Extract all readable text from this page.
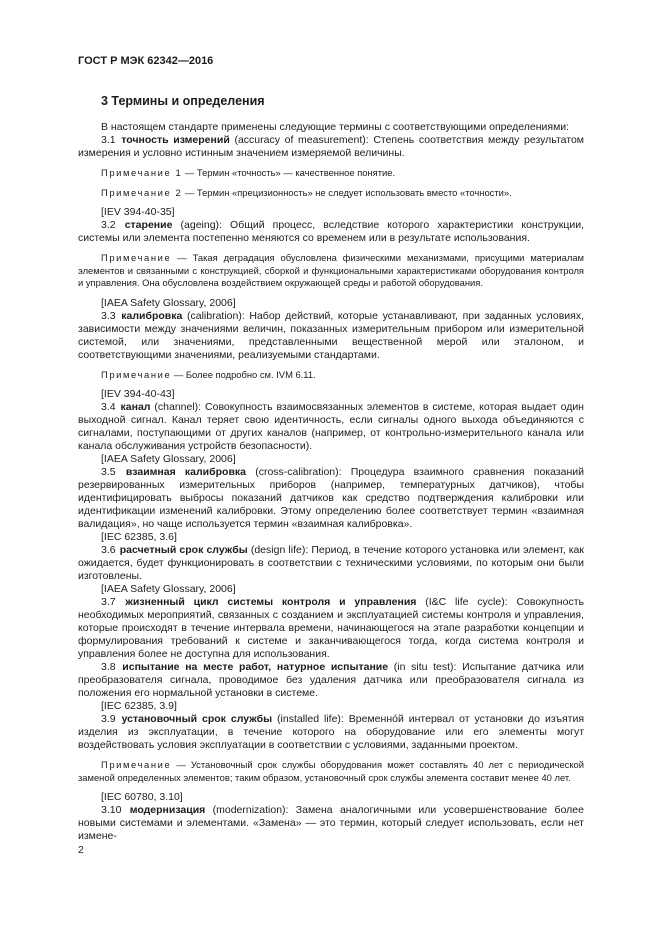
ГОСТ Р МЭК 62342—2016

3 Термины и определения

В настоящем стандарте применены следующие термины с соответствующими определениями:

3.1 точность измерений (accuracy of measurement): Степень соответствия между результатом измерения и условно истинным значением измеряемой величины.

Примечание 1 — Термин «точность» — качественное понятие.

Примечание 2 — Термин «прецизионность» не следует использовать вместо «точности».

[IEV 394-40-35]

3.2 старение (ageing): Общий процесс, вследствие которого характеристики конструкции, системы или элемента постепенно меняются со временем или в результате использования.

Примечание — Такая деградация обусловлена физическими механизмами, присущими материалам элементов и связанными с конструкцией, сборкой и функциональными характеристиками оборудования контроля и управления. Она обусловлена воздействием окружающей среды и работой оборудования.

[IAEA Safety Glossary, 2006]

3.3 калибровка (calibration): Набор действий, которые устанавливают, при заданных условиях, зависимости между значениями величин, показанных измерительным прибором или измерительной системой, или значениями, представленными вещественной мерой или эталоном, и соответствующими значениями, реализуемыми стандартами.

Примечание — Более подробно см. IVM 6.11.

[IEV 394-40-43]

3.4 канал (channel): Совокупность взаимосвязанных элементов в системе, которая выдает один выходной сигнал. Канал теряет свою идентичность, если сигналы одного выхода объединяются с сигналами, поступающими от других каналов (например, от контрольно-измерительного канала или канала обслуживания устройств безопасности).

[IAEA Safety Glossary, 2006]

3.5 взаимная калибровка (cross-calibration): Процедура взаимного сравнения показаний резервированных измерительных приборов (например, температурных датчиков), чтобы идентифицировать выбросы показаний датчиков как средство подтверждения калибровки или идентификации изменений калибровки. Этому определению более соответствует термин «взаимная валидация», но чаще используется термин «взаимная калибровка».

[IEC 62385, 3.6]

3.6 расчетный срок службы (design life): Период, в течение которого установка или элемент, как ожидается, будет функционировать в соответствии с техническими условиями, по которым они были изготовлены.

[IAEA Safety Glossary, 2006]

3.7 жизненный цикл системы контроля и управления (I&C life cycle): Совокупность необходимых мероприятий, связанных с созданием и эксплуатацией системы контроля и управления, которые происходят в течение интервала времени, начинающегося на этапе разработки концепции и формулирования требований к системе и заканчивающегося тогда, когда система контроля и управления более не доступна для использования.

3.8 испытание на месте работ, натурное испытание (in situ test): Испытание датчика или преобразователя сигнала, проводимое без удаления датчика или преобразователя сигнала из положения его нормальной установки в системе.

[IEC 62385, 3.9]

3.9 установочный срок службы (installed life): Временно́й интервал от установки до изъятия изделия из эксплуатации, в течение которого на оборудование или его элементы могут воздействовать условия эксплуатации в соответствии с условиями, заданными проектом.

Примечание — Установочный срок службы оборудования может составлять 40 лет с периодической заменой определенных элементов; таким образом, установочный срок службы элемента составит менее 40 лет.

[IEC 60780, 3.10]

3.10 модернизация (modernization): Замена аналогичными или усовершенствование более новыми системами и элементами. «Замена» — это термин, который следует использовать, если нет измене-

2
